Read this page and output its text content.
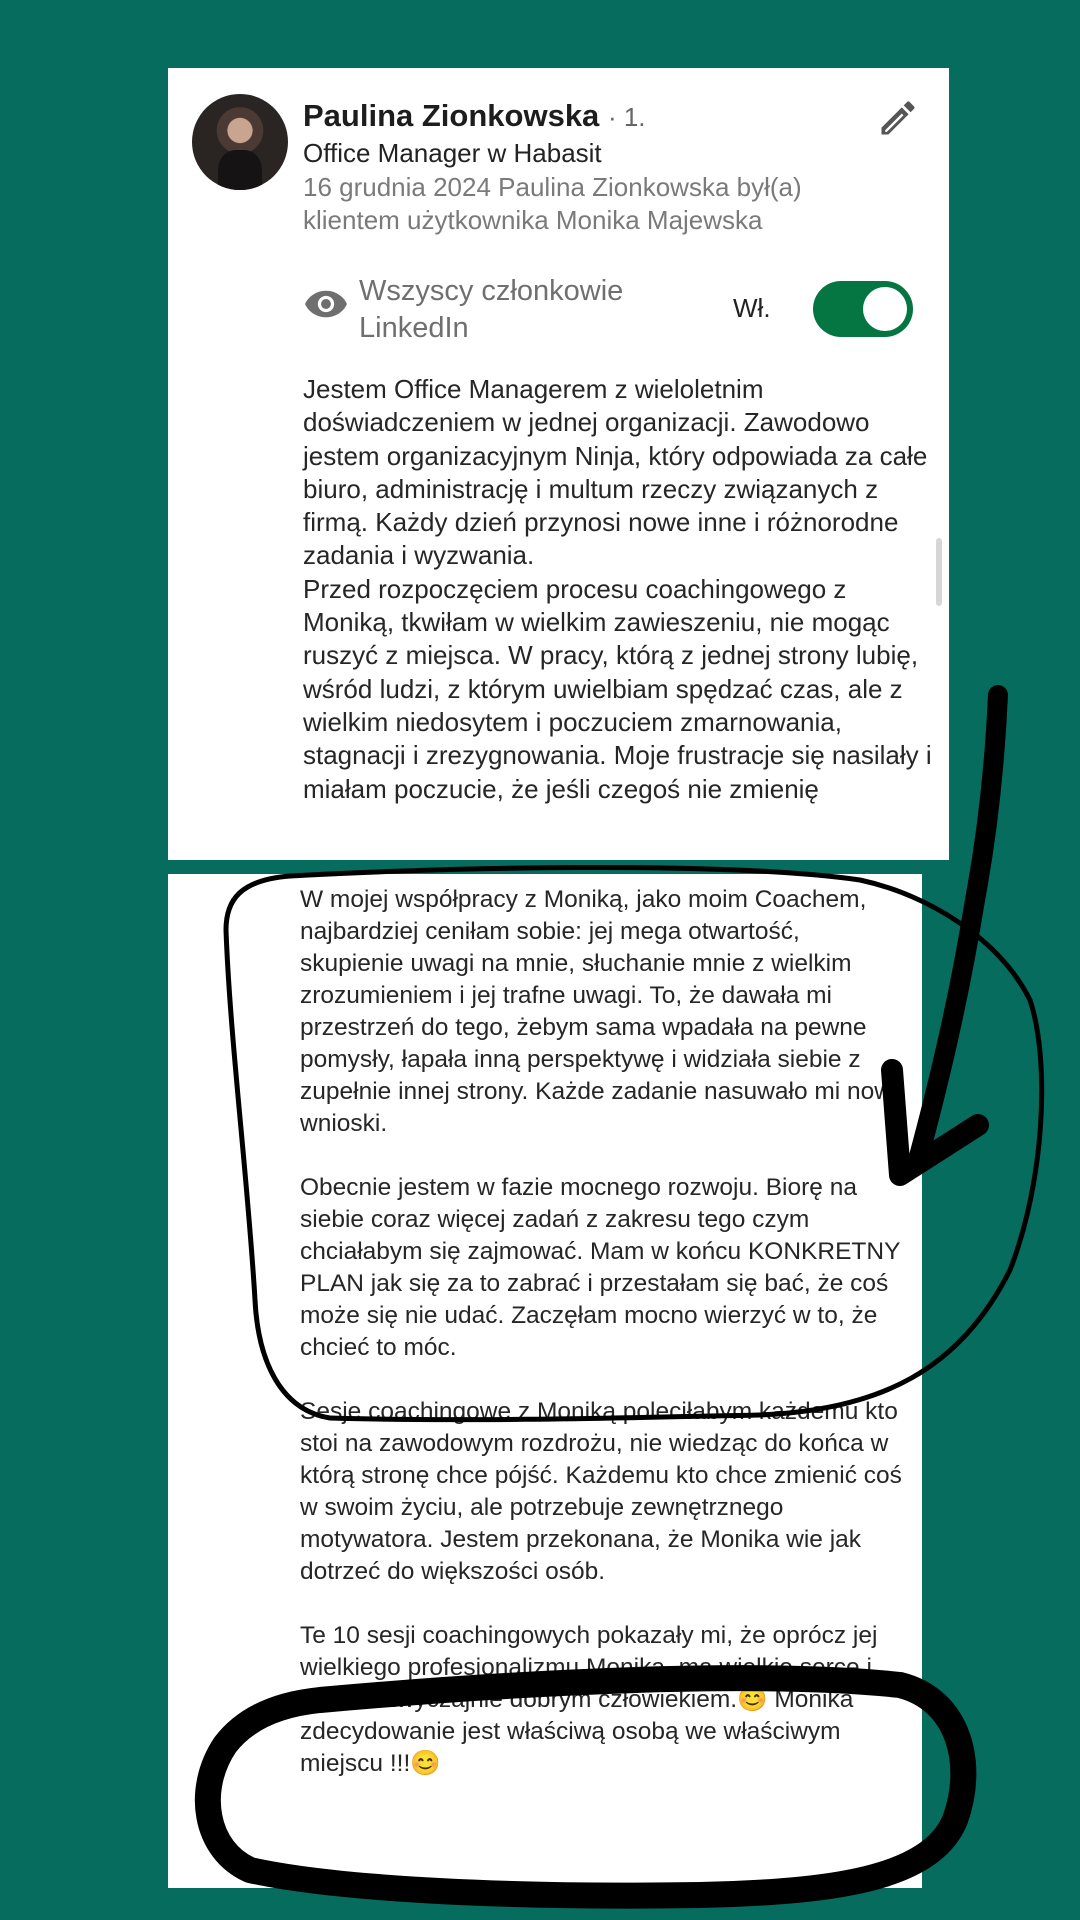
Paulina Zionkowska · 1.
Office Manager w Habasit
16 grudnia 2024 Paulina Zionkowska był(a) klientem użytkownika Monika Majewska
Wszyscy członkowie LinkedIn
Wł.

Jestem Office Managerem z wieloletnim doświadczeniem w jednej organizacji. Zawodowo jestem organizacyjnym Ninja, który odpowiada za całe biuro, administrację i multum rzeczy związanych z firmą. Każdy dzień przynosi nowe inne i różnorodne zadania i wyzwania.

Przed rozpoczęciem procesu coachingowego z Moniką, tkwiłam w wielkim zawieszeniu, nie mogąc ruszyć z miejsca. W pracy, którą z jednej strony lubię, wśród ludzi, z którym uwielbiam spędzać czas, ale z wielkim niedosytem i poczuciem zmarnowania, stagnacji i zrezygnowania. Moje frustracje się nasilały i miałam poczucie, że jeśli czegoś nie zmienię

W mojej współpracy z Moniką, jako moim Coachem, najbardziej ceniłam sobie: jej mega otwartość, skupienie uwagi na mnie, słuchanie mnie z wielkim zrozumieniem i jej trafne uwagi. To, że dawała mi przestrzeń do tego, żebym sama wpadała na pewne pomysły, łapała inną perspektywę i widziała siebie z zupełnie innej strony. Każde zadanie nasuwało mi nowe wnioski.

Obecnie jestem w fazie mocnego rozwoju. Biorę na siebie coraz więcej zadań z zakresu tego czym chciałabym się zajmować. Mam w końcu KONKRETNY PLAN jak się za to zabrać i przestałam się bać, że coś może się nie udać. Zaczęłam mocno wierzyć w to, że chcieć to móc.

Sesje coachingowe z Moniką poleciłabym każdemu kto stoi na zawodowym rozdrożu, nie wiedząc do końca w którą stronę chce pójść. Każdemu kto chce zmienić coś w swoim życiu, ale potrzebuje zewnętrznego motywatora. Jestem przekonana, że Monika wie jak dotrzeć do większości osób.

Te 10 sesji coachingowych pokazały mi, że oprócz jej wielkiego profesjonalizmu Monika, ma wielkie serce i jest tak zwyczajnie dobrym człowiekiem.😊 Monika zdecydowanie jest właściwą osobą we właściwym miejscu !!!😊
